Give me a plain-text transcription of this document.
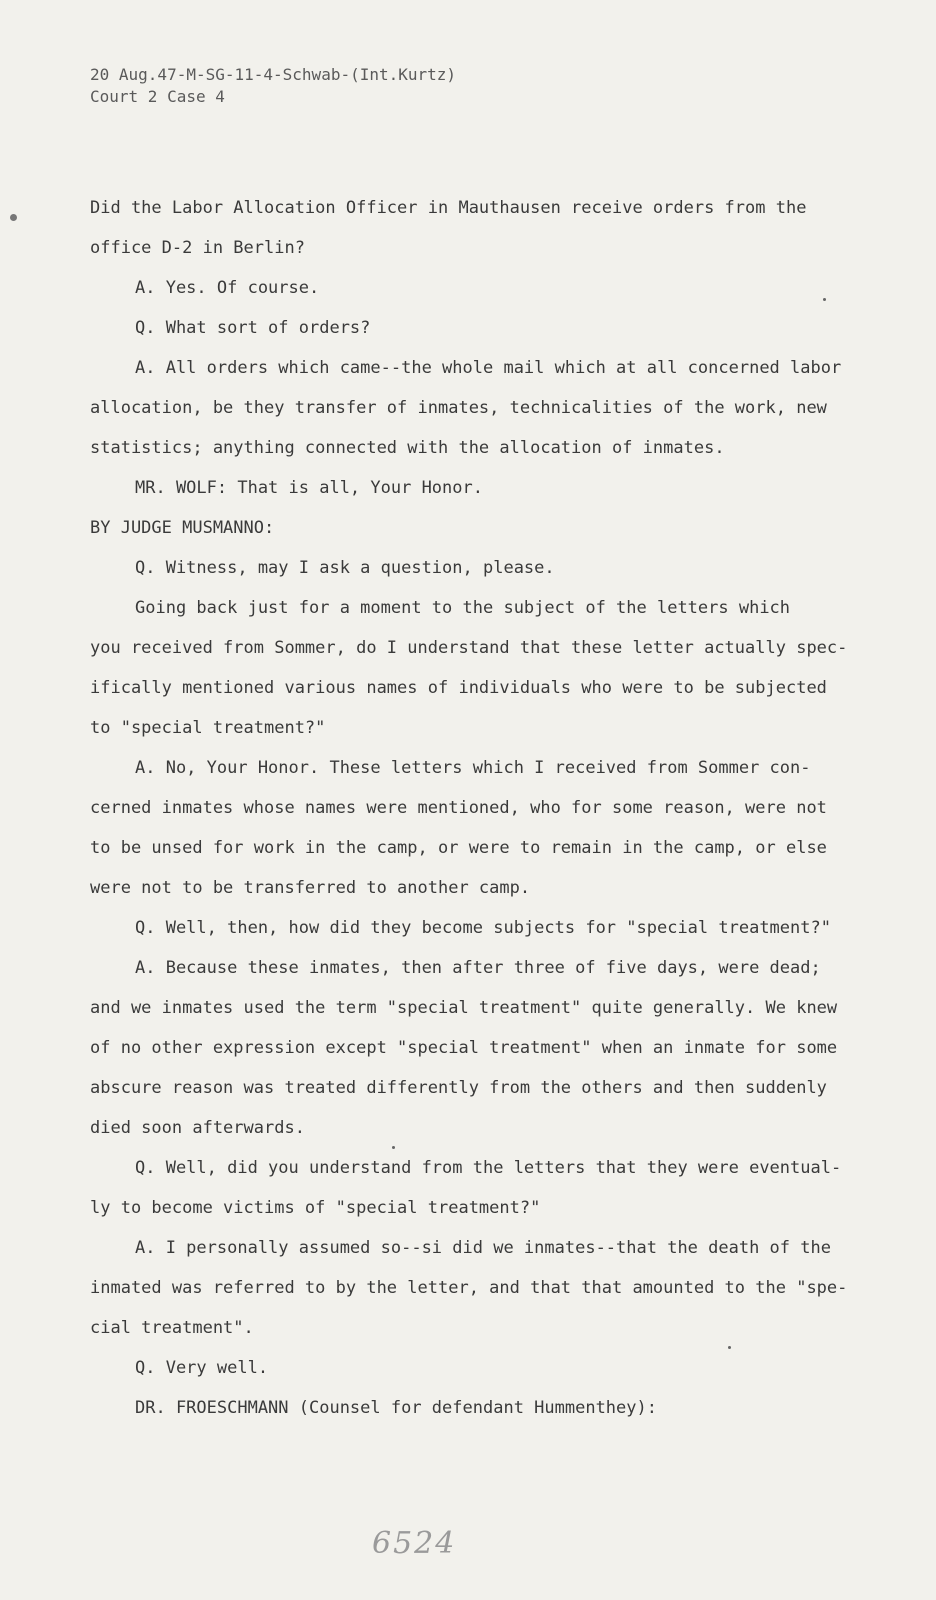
20 Aug.47-M-SG-11-4-Schwab-(Int.Kurtz)
Court 2 Case 4
Did the Labor Allocation Officer in Mauthausen receive orders from the
office D-2 in Berlin?
A. Yes. Of course.
Q. What sort of orders?
A. All orders which came--the whole mail which at all concerned labor
allocation, be they transfer of inmates, technicalities of the work, new
statistics; anything connected with the allocation of inmates.
MR. WOLF: That is all, Your Honor.
BY JUDGE MUSMANNO:
Q. Witness, may I ask a question, please.
Going back just for a moment to the subject of the letters which
you received from Sommer, do I understand that these letter actually spec-
ifically mentioned various names of individuals who were to be subjected
to "special treatment?"
A. No, Your Honor. These letters which I received from Sommer con-
cerned inmates whose names were mentioned, who for some reason, were not
to be unsed for work in the camp, or were to remain in the camp, or else
were not to be transferred to another camp.
Q. Well, then, how did they become subjects for "special treatment?"
A. Because these inmates, then after three of five days, were dead;
and we inmates used the term "special treatment" quite generally. We knew
of no other expression except "special treatment" when an inmate for some
abscure reason was treated differently from the others and then suddenly
died soon afterwards.
Q. Well, did you understand from the letters that they were eventual-
ly to become victims of "special treatment?"
A. I personally assumed so--si did we inmates--that the death of the
inmated was referred to by the letter, and that that amounted to the "spe-
cial treatment".
Q. Very well.
DR. FROESCHMANN (Counsel for defendant Hummenthey):
6524
